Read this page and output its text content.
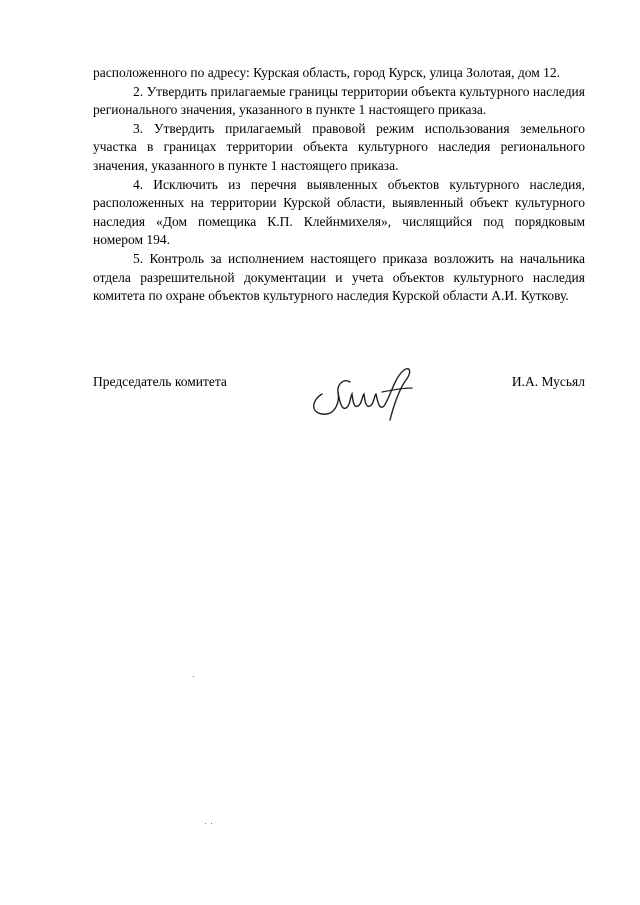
расположенного по адресу: Курская область, город Курск, улица Золотая, дом 12.

2. Утвердить прилагаемые границы территории объекта культурного наследия регионального значения, указанного в пункте 1 настоящего приказа.

3. Утвердить прилагаемый правовой режим использования земельного участка в границах территории объекта культурного наследия регионального значения, указанного в пункте 1 настоящего приказа.

4. Исключить из перечня выявленных объектов культурного наследия, расположенных на территории Курской области, выявленный объект культурного наследия «Дом помещика К.П. Клейнмихеля», числящийся под порядковым номером 194.

5. Контроль за исполнением настоящего приказа возложить на начальника отдела разрешительной документации и учета объектов культурного наследия комитета по охране объектов культурного наследия Курской области А.И. Куткову.

Председатель комитета	И.А. Мусьял
